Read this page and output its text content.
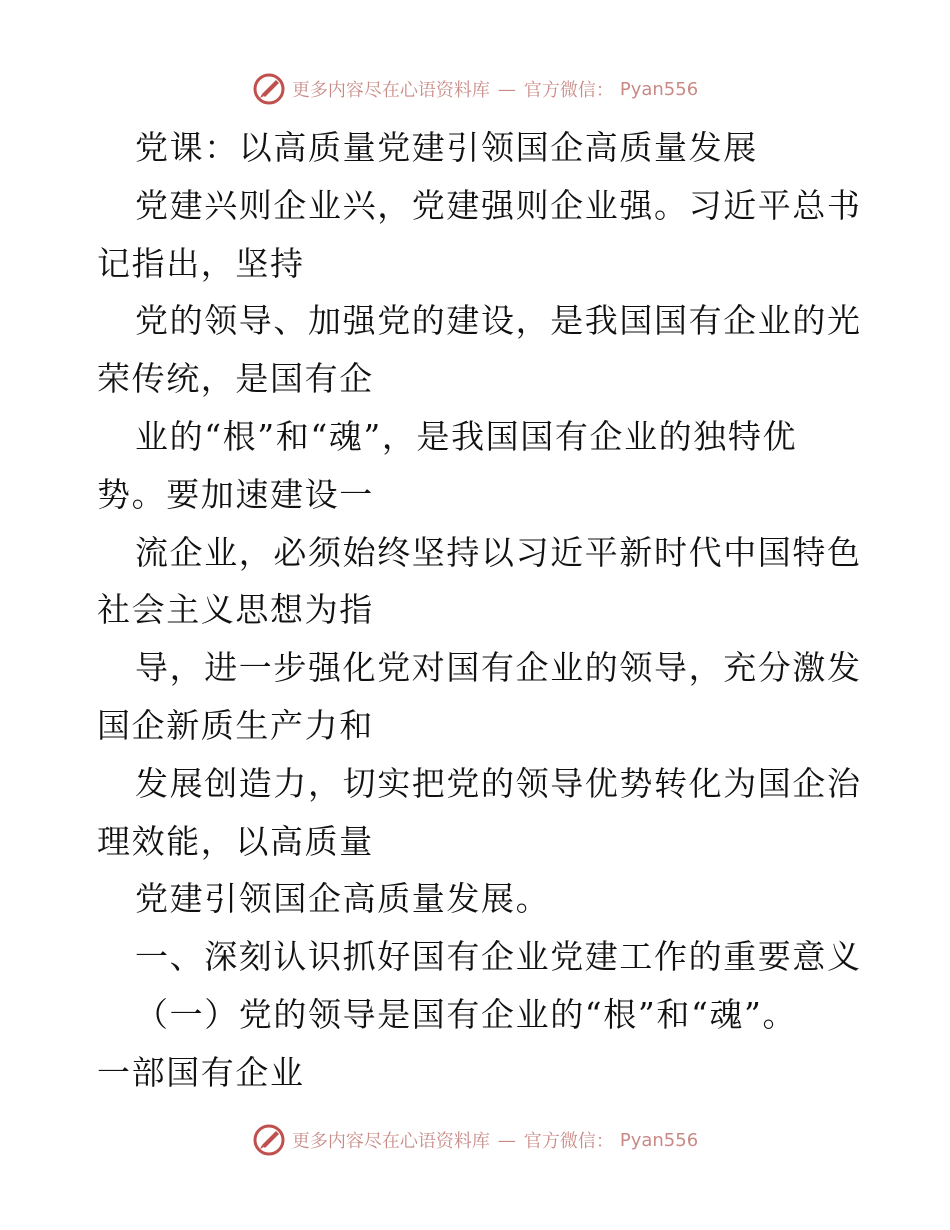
更多内容尽在心语资料库 — 官方微信： Pyan556
党课：以高质量党建引领国企高质量发展
党建兴则企业兴，党建强则企业强。习近平总书
记指出，坚持
党的领导、加强党的建设，是我国国有企业的光
荣传统，是国有企
业的“根”和“魂”，是我国国有企业的独特优
势。要加速建设一
流企业，必须始终坚持以习近平新时代中国特色
社会主义思想为指
导，进一步强化党对国有企业的领导，充分激发
国企新质生产力和
发展创造力，切实把党的领导优势转化为国企治
理效能，以高质量
党建引领国企高质量发展。
一、深刻认识抓好国有企业党建工作的重要意义
（一）党的领导是国有企业的“根”和“魂”。
一部国有企业
更多内容尽在心语资料库 — 官方微信： Pyan556
